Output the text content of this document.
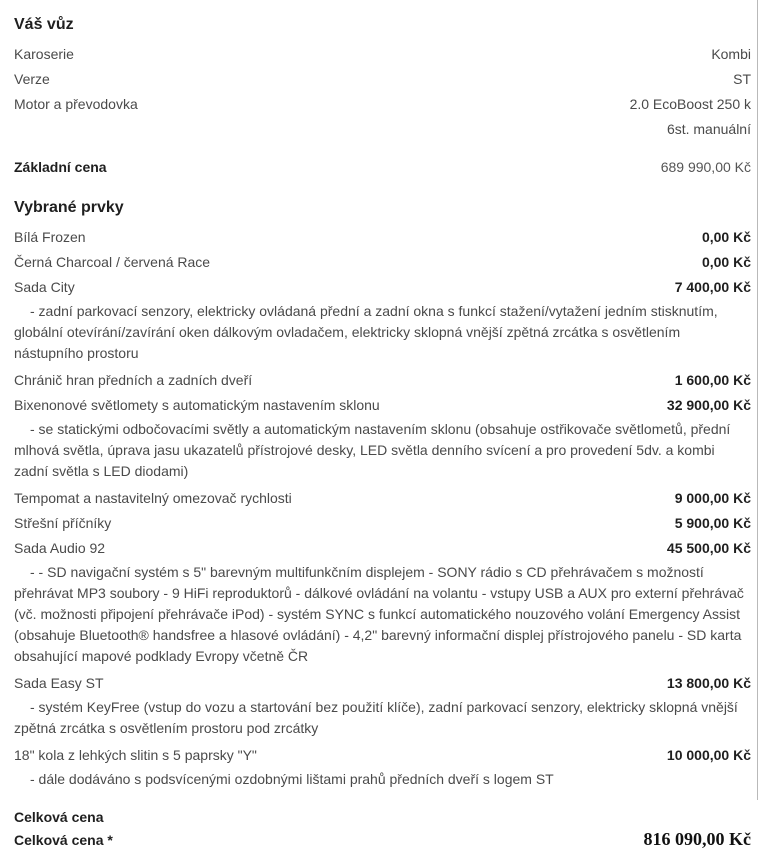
Váš vůz
Karoserie	Kombi
Verze	ST
Motor a převodovka	2.0 EcoBoost 250 k
6st. manuální
Základní cena	689 990,00 Kč
Vybrané prvky
Bílá Frozen	0,00 Kč
Černá Charcoal / červená Race	0,00 Kč
Sada City	7 400,00 Kč

- zadní parkovací senzory, elektricky ovládaná přední a zadní okna s funkcí stažení/vytažení jedním stisknutím, globální otevírání/zavírání oken dálkovým ovladačem, elektricky sklopná vnější zpětná zrcátka s osvětlením nástupního prostoru

Chránič hran předních a zadních dveří	1 600,00 Kč
Bixenonové světlomety s automatickým nastavením sklonu	32 900,00 Kč

- se statickými odbočovacími světly a automatickým nastavením sklonu (obsahuje ostřikovače světlometů, přední mlhová světla, úprava jasu ukazatelů přístrojové desky, LED světla denního svícení a pro provedení 5dv. a kombi zadní světla s LED diodami)

Tempomat a nastavitelný omezovač rychlosti	9 000,00 Kč
Střešní příčníky	5 900,00 Kč
Sada Audio 92	45 500,00 Kč

- - SD navigační systém s 5" barevným multifunkčním displejem - SONY rádio s CD přehrávačem s možností přehrávat MP3 soubory - 9 HiFi reproduktorů - dálkové ovládání na volantu - vstupy USB a AUX pro externí přehrávač (vč. možnosti připojení přehrávače iPod) - systém SYNC s funkcí automatického nouzového volání Emergency Assist (obsahuje Bluetooth® handsfree a hlasové ovládání) - 4,2" barevný informační displej přístrojového panelu - SD karta obsahující mapové podklady Evropy včetně ČR

Sada Easy ST	13 800,00 Kč

- systém KeyFree (vstup do vozu a startování bez použití klíče), zadní parkovací senzory, elektricky sklopná vnější zpětná zrcátka s osvětlením prostoru pod zrcátky

18" kola z lehkých slitin s 5 paprsky "Y"	10 000,00 Kč

- dále dodáváno s podsvícenými ozdobnými lištami prahů předních dveří s logem ST

Celková cena
Celková cena *	816 090,00 Kč
